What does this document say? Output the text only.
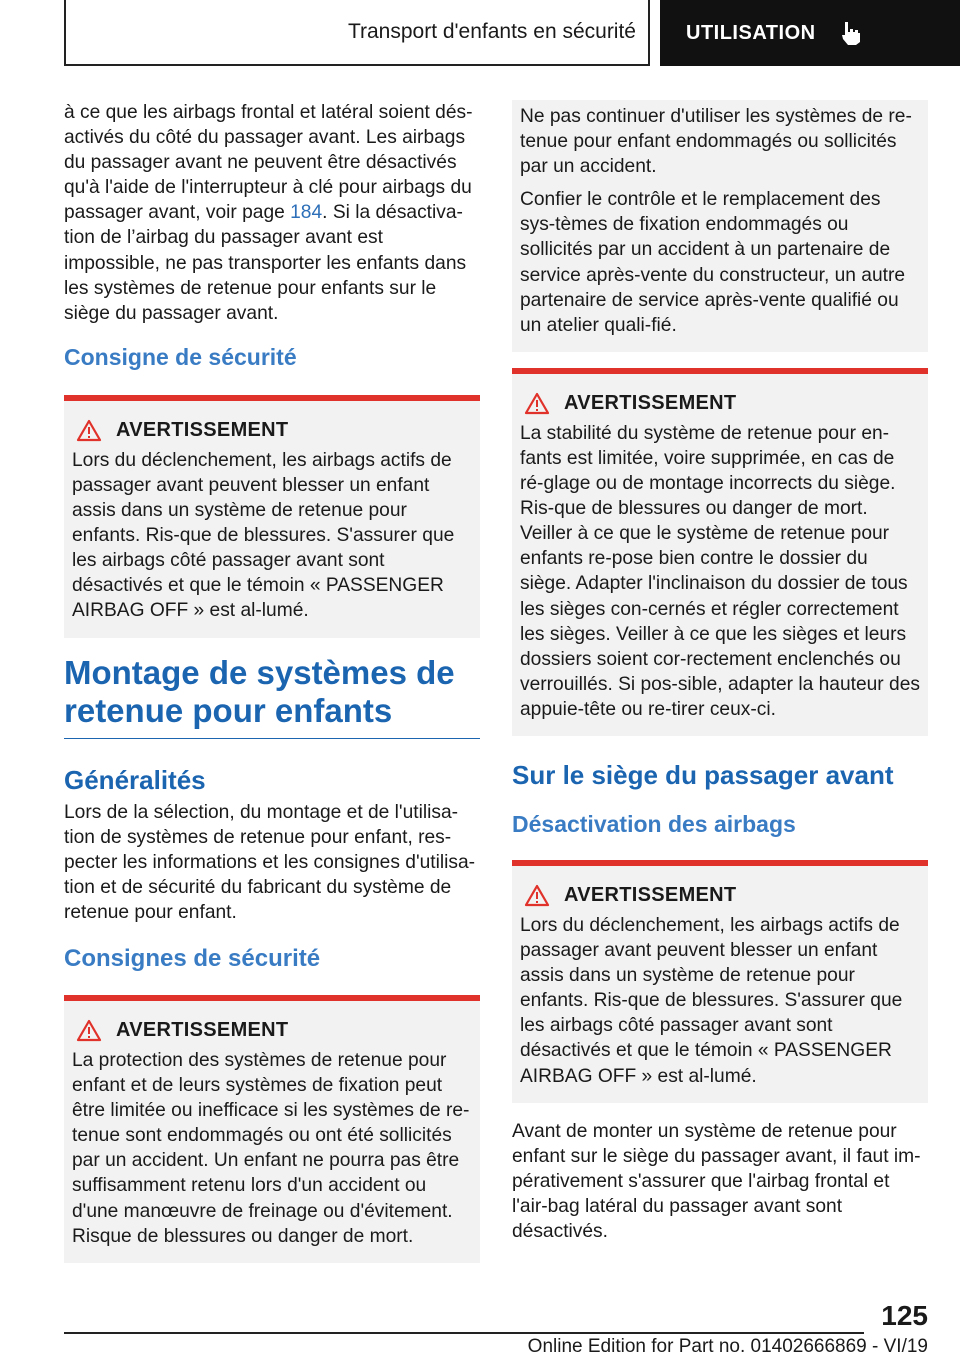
Transport d'enfants en sécurité	UTILISATION

à ce que les airbags frontal et latéral soient dés-activés du côté du passager avant. Les airbags du passager avant ne peuvent être désactivés qu'à l'aide de l'interrupteur à clé pour airbags du passager avant, voir page 184. Si la désactiva-tion de l’airbag du passager avant est impossible, ne pas transporter les enfants dans les systèmes de retenue pour enfants sur le siège du passager avant.

Consigne de sécurité
AVERTISSEMENT

Lors du déclenchement, les airbags actifs de passager avant peuvent blesser un enfant assis dans un système de retenue pour enfants. Ris-que de blessures. S'assurer que les airbags côté passager avant sont désactivés et que le témoin « PASSENGER AIRBAG OFF » est al-lumé.

Montage de systèmes de retenue pour enfants
Généralités

Lors de la sélection, du montage et de l'utilisa-tion de systèmes de retenue pour enfant, res-pecter les informations et les consignes d'utilisa-tion et de sécurité du fabricant du système de retenue pour enfant.

Consignes de sécurité
AVERTISSEMENT

La protection des systèmes de retenue pour enfant et de leurs systèmes de fixation peut être limitée ou inefficace si les systèmes de re-tenue sont endommagés ou ont été sollicités par un accident. Un enfant ne pourra pas être suffisamment retenu lors d'un accident ou d'une manœuvre de freinage ou d'évitement. Risque de blessures ou danger de mort.

Ne pas continuer d'utiliser les systèmes de re-tenue pour enfant endommagés ou sollicités par un accident.

Confier le contrôle et le remplacement des sys-tèmes de fixation endommagés ou sollicités par un accident à un partenaire de service après-vente du constructeur, un autre partenaire de service après-vente qualifié ou un atelier quali-fié.

AVERTISSEMENT

La stabilité du système de retenue pour en-fants est limitée, voire supprimée, en cas de ré-glage ou de montage incorrects du siège. Ris-que de blessures ou danger de mort. Veiller à ce que le système de retenue pour enfants re-pose bien contre le dossier du siège. Adapter l'inclinaison du dossier de tous les sièges con-cernés et régler correctement les sièges. Veiller à ce que les sièges et leurs dossiers soient cor-rectement enclenchés ou verrouillés. Si pos-sible, adapter la hauteur des appuie-tête ou re-tirer ceux-ci.

Sur le siège du passager avant
Désactivation des airbags
AVERTISSEMENT

Lors du déclenchement, les airbags actifs de passager avant peuvent blesser un enfant assis dans un système de retenue pour enfants. Ris-que de blessures. S'assurer que les airbags côté passager avant sont désactivés et que le témoin « PASSENGER AIRBAG OFF » est al-lumé.

Avant de monter un système de retenue pour enfant sur le siège du passager avant, il faut im-pérativement s'assurer que l'airbag frontal et l'air-bag latéral du passager avant sont désactivés.

125
Online Edition for Part no. 01402666869 - VI/19
